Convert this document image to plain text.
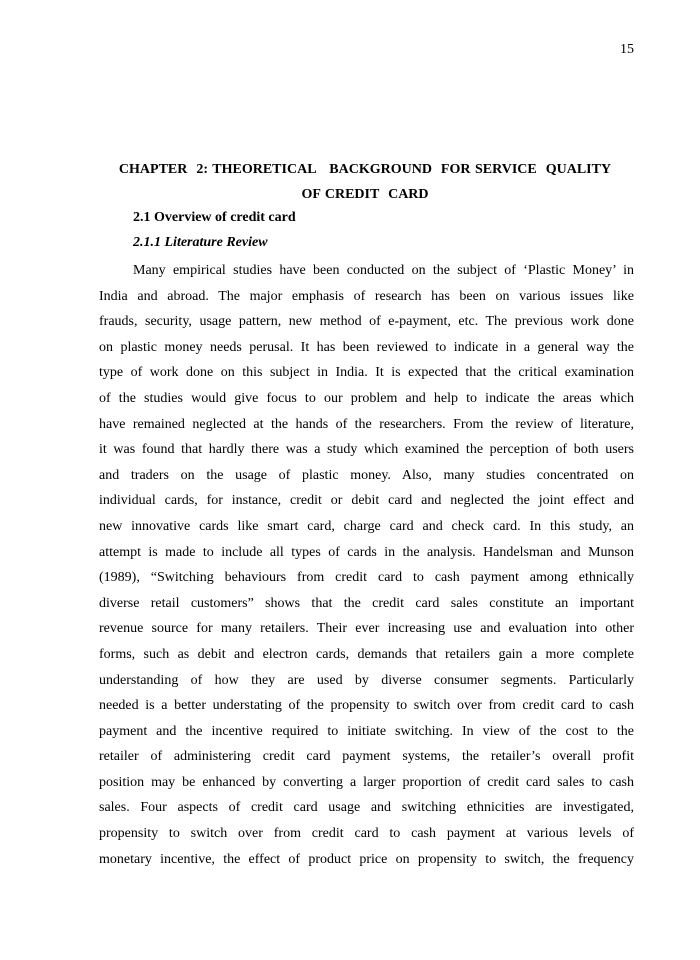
15
CHAPTER  2: THEORETICAL   BACKGROUND  FOR SERVICE  QUALITY
OF CREDIT  CARD
2.1 Overview of credit card
2.1.1 Literature Review
Many empirical studies have been conducted on the subject of ‘Plastic Money’ in
India and abroad. The major emphasis of research has been on various issues like
frauds, security, usage pattern, new method of e-payment, etc. The previous work done
on plastic money needs perusal. It has been reviewed to indicate in a general way the
type of work done on this subject in India. It is expected that the critical examination
of the studies would give focus to our problem and help to indicate the areas which
have remained neglected at the hands of the researchers. From the review of literature,
it was found that hardly there was a study which examined the perception of both users
and traders on the usage of plastic money. Also, many studies concentrated on
individual cards, for instance, credit or debit card and neglected the joint effect and
new innovative cards like smart card, charge card and check card. In this study, an
attempt is made to include all types of cards in the analysis. Handelsman and Munson
(1989), “Switching behaviours from credit card to cash payment among ethnically
diverse retail customers” shows that the credit card sales constitute an important
revenue source for many retailers. Their ever increasing use and evaluation into other
forms, such as debit and electron cards, demands that retailers gain a more complete
understanding of how they are used by diverse consumer segments. Particularly
needed is a better understating of the propensity to switch over from credit card to cash
payment and the incentive required to initiate switching. In view of the cost to the
retailer of administering credit card payment systems, the retailer’s overall profit
position may be enhanced by converting a larger proportion of credit card sales to cash
sales. Four aspects of credit card usage and switching ethnicities are investigated,
propensity to switch over from credit card to cash payment at various levels of
monetary incentive, the effect of product price on propensity to switch, the frequency
